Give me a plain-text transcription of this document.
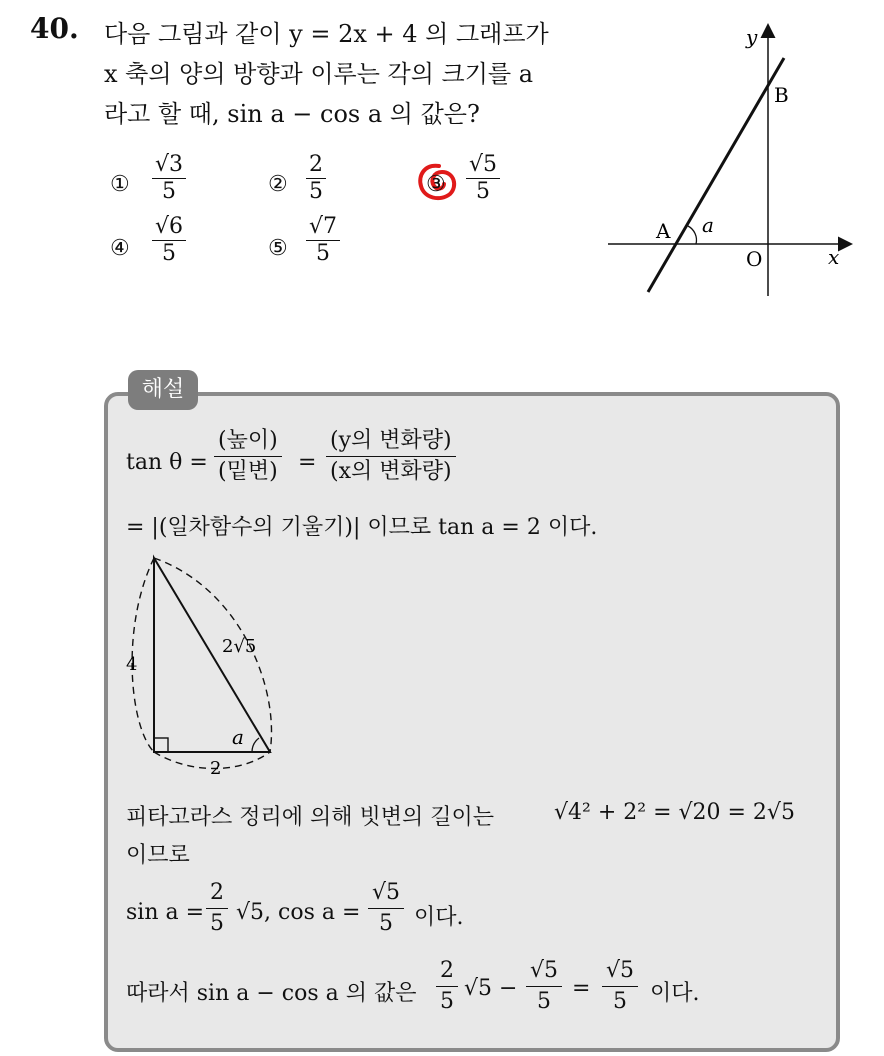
40. 다음 그림과 같이 y = 2x + 4 의 그래프가
x 축의 양의 방향과 이루는 각의 크기를 a
라고 할 때, sin a − cos a 의 값은?
① $\frac{√3}{5}$	② $\frac{2}{5}$	③ $\frac{√5}{5}$
④ $\frac{√6}{5}$	⑤ $\frac{√7}{5}$
y
x
B
A
O
a
해설
tan θ =
(높이)
(밑변) =
(y의 변화량)
(x의 변화량)
= |(일차함수의 기울기)| 이므로 tan a = 2 이다.
4
2√5
2
a
피타고라스 정리에 의해 빗변의 길이는	√4² + 2² = √20 = 2√5
이므로
$\sin a = \frac{2}{5} √5$, $\cos a = \frac{√5}{5}$ 이다.
따라서 sin a − cos a 의 값은 $\frac{2}{5} √5 - \frac{√5}{5} = \frac{√5}{5}$ 이다.
